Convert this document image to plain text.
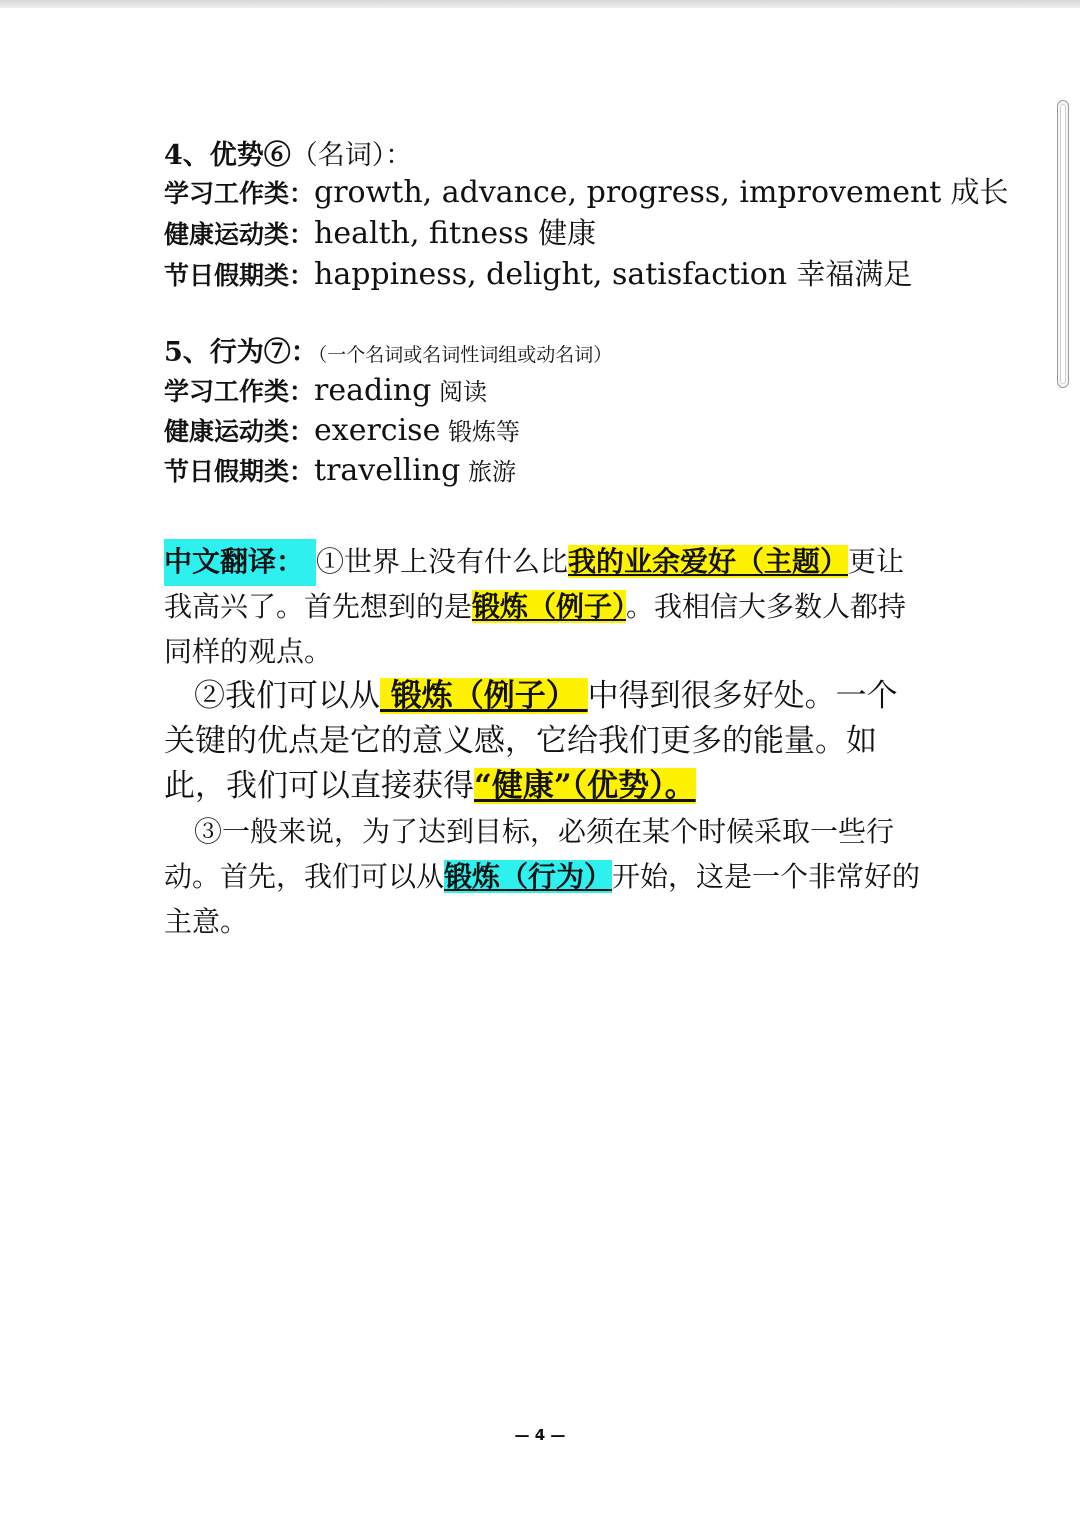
4、优势⑥（名词）：
学习工作类：growth, advance, progress, improvement 成长
健康运动类：health, fitness 健康
节日假期类：happiness, delight, satisfaction 幸福满足
5、行为⑦：（一个名词或名词性词组或动名词）
学习工作类：reading 阅读
健康运动类：exercise 锻炼等
节日假期类：travelling 旅游

中文翻译： ①世界上没有什么比我的业余爱好（主题）更让我高兴了。首先想到的是锻炼（例子）。我相信大多数人都持同样的观点。

②我们可以从 锻炼（例子） 中得到很多好处。一个关键的优点是它的意义感，它给我们更多的能量。如此，我们可以直接获得“健康”（优势）。

③一般来说，为了达到目标，必须在某个时候采取一些行动。首先，我们可以从锻炼（行为）开始，这是一个非常好的主意。

— 4 —
